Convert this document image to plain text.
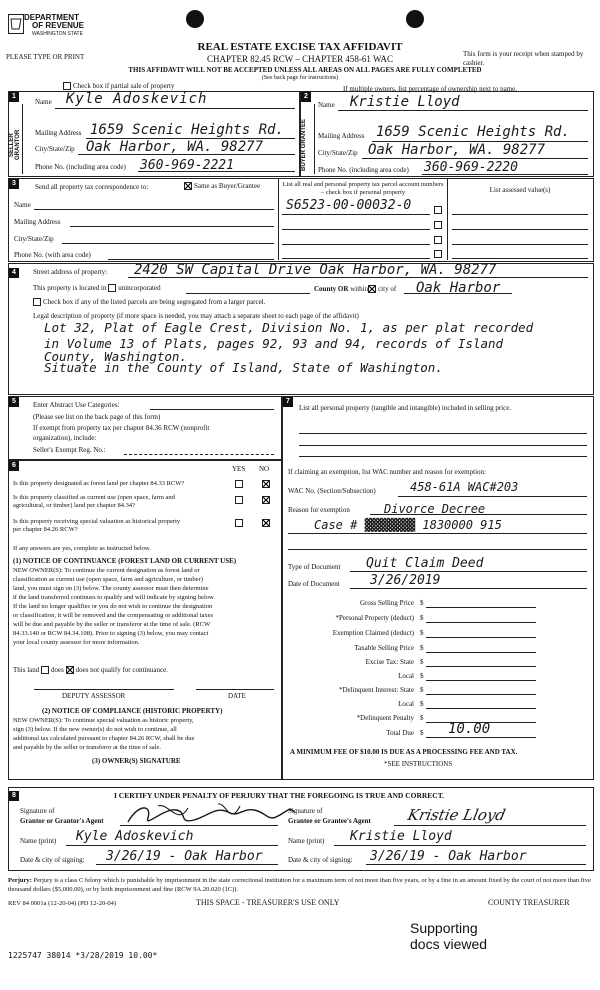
DEPARTMENT
OF REVENUE
WASHINGTON STATE
PLEASE TYPE OR PRINT
REAL ESTATE EXCISE TAX AFFIDAVIT
CHAPTER 82.45 RCW – CHAPTER 458-61 WAC	This form is your receipt when stamped by cashier.
THIS AFFIDAVIT WILL NOT BE ACCEPTED UNLESS ALL AREAS ON ALL PAGES ARE FULLY COMPLETED
(See back page for instructions)
Check box if partial sale of property	If multiple owners, list percentage of ownership next to name.
1	2
SELLER GRANTOR	BUYER GRANTEE
Name Kyle Adoskevich
Mailing Address 1659 Scenic Heights Rd.
City/State/Zip Oak Harbor, WA. 98277
Phone No. (including area code) 360-969-2221
Name Kristie Lloyd
Mailing Address 1659 Scenic Heights Rd.
City/State/Zip Oak Harbor, WA. 98277
Phone No. (including area code) 360-969-2220
3	Send all property tax correspondence to:	Same as Buyer/Grantee
Name
Mailing Address
City/State/Zip
Phone No. (with area code)
List all real and personal property tax parcel account numbers – check box if personal property	List assessed value(s)
S6523-00-00032-0
4	Street address of property: 2420 SW Capital Drive Oak Harbor, WA. 98277
This property is located in unincorporated	County OR within city of Oak Harbor
Check box if any of the listed parcels are being segregated from a larger parcel.
Legal description of property (if more space is needed, you may attach a separate sheet to each page of the affidavit)
Lot 32, Plat of Eagle Crest, Division No. 1, as per plat recorded
in Volume 13 of Plats, pages 92, 93 and 94, records of Island
County, Washington.
Situate in the County of Island, State of Washington.
5	Enter Abstract Use Categories:
(Please see list on the back page of this form)
If exempt from property tax per chapter 84.36 RCW (nonprofit
organization), include:
Seller's Exempt Reg. No.:
6	YES NO
Is this property designated as forest land per chapter 84.33 RCW?
Is this property classified as current use (open space, farm and
agricultural, or timber) land per chapter 84.34?
Is this property receiving special valuation as historical property
per chapter 84.26 RCW?
If any answers are yes, complete as instructed below.
(1) NOTICE OF CONTINUANCE (FOREST LAND OR CURRENT USE)
NEW OWNER(S): To continue the current designation as forest land or
classification as current use (open space, farm and agriculture, or timber)
land, you must sign on (3) below. The county assessor must then determine
if the land transferred continues to qualify and will indicate by signing below.
If the land no longer qualifies or you do not wish to continue the designation
or classification, it will be removed and the compensating or additional taxes
will be due and payable by the seller or transferor at the time of sale. (RCW
84.33.140 or RCW 84.34.108). Prior to signing (3) below, you may contact
your local county assessor for more information.
This land does does not qualify for continuance.
DEPUTY ASSESSOR	DATE
(2) NOTICE OF COMPLIANCE (HISTORIC PROPERTY)
NEW OWNER(S): To continue special valuation as historic property,
sign (3) below. If the new owner(s) do not wish to continue, all
additional tax calculated pursuant to chapter 84.26 RCW, shall be due
and payable by the seller or transferor at the time of sale.
(3) OWNER(S) SIGNATURE
7
List all personal property (tangible and intangible) included in selling price.
If claiming an exemption, list WAC number and reason for exemption:
WAC No. (Section/Subsection)	458-61A WAC#203
Reason for exemption	Divorce Decree
Case # ▓▓▓▓▓▓▓ 1830000 915
Type of Document Quit Claim Deed
Date of Document 3/26/2019
Gross Selling Price $
*Personal Property (deduct) $
Exemption Claimed (deduct) $
Taxable Selling Price $
Excise Tax: State $
Local $
*Delinquent Interest: State $
Local $
*Delinquent Penalty $
Total Due $ 10.00
A MINIMUM FEE OF $10.00 IS DUE AS A PROCESSING FEE AND TAX.
*SEE INSTRUCTIONS
8	I CERTIFY UNDER PENALTY OF PERJURY THAT THE FOREGOING IS TRUE AND CORRECT.
Signature of
Grantor or Grantor's Agent
Name (print) Kyle Adoskevich
Date & city of signing: 3/26/19 - Oak Harbor
Signature of
Grantee or Grantee's Agent Kristie Lloyd
Name (print) Kristie Lloyd
Date & city of signing: 3/26/19 - Oak Harbor
Perjury: Perjury is a class C felony which is punishable by imprisonment in the state correctional institution for a maximum term of not more than five years, or by a fine in an amount fixed by the court of not more than five thousand dollars ($5,000.00), or by both imprisonment and fine (RCW 9A.20.020 (1C)).
REV 84 0001a (12-20-04) (PD 12-20-04)	THIS SPACE - TREASURER'S USE ONLY	COUNTY TREASURER
Supporting
docs viewed
1225747 38014 *3/28/2019 10.00*
